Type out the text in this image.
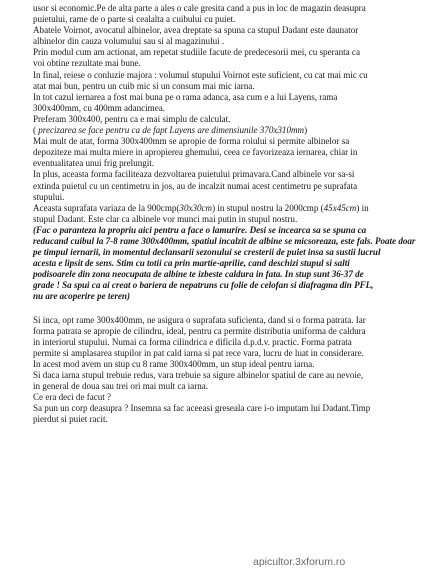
usor si economic.Pe de alta parte a ales o cale gresita cand a pus in loc de magazin deasupra
puietului, rame de o parte si cealalta a cuibului cu puiet.
Abatele Voirnot, avocatul albinelor, avea dreptate sa spuna ca stupul Dadant este daunator
albinelor din cauza volumului sau si al magazinului .
Prin modul cum am actionat, am repetat studiile facute de predecesorii mei, cu speranta ca
voi obtine rezultate mai bune.
In final, reiese o conluzie majora : volumul stupului Voirnot este suficient, cu cat mai mic cu
atat mai bun, pentru un cuib mic si un consum mai mic iarna.
In tot cazul iernarea a fost mai buna pe o rama adanca, asa cum e a lui Layens, rama
300x400mm, cu 400mm adancimea.
Preferam 300x400, pentru ca e mai simplu de calculat.
( precizarea se face pentru ca de fapt Layens are dimensiunile 370x310mm)
Mai mult de atat, forma 300x400mm se apropie de forma roiului si permite albinelor sa
depoziteze mai multa miere in apropierea ghemului, ceea ce favorizeaza iernarea, chiar in
eventualitatea unui frig prelungit.
In plus, aceasta forma faciliteaza dezvoltarea puietului primavara.Cand albinele vor sa-si
extinda puietul cu un centimetru in jos, au de incalzit numai acest centimetru pe suprafata
stupului.
Aceasta suprafata variaza de la 900cmp(30x30cm) in stupul nostru la 2000cmp (45x45cm) in
stupul Dadant. Este clar ca albinele vor munci mai putin in stupul nostru.
(Fac o paranteza la propriu aici pentru a face o lamurire. Desi se incearca sa se spuna ca
reducand cuibul la 7-8 rame 300x400mm, spatiul incalzit de albine se micsoreaza, este fals. Poate doar
pe timpul iernarii, in momentul declansarii sezonului se cresterii de puiet insa sa sustii lucrul
acesta e lipsit de sens. Stim cu totii ca prin martie-aprilie, cand deschizi stupul si salti
podisoarele din zona neocupata de albine te izbeste caldura in fata. In stup sunt 36-37 de
grade ! Sa spui ca ai creat o bariera de nepatruns cu folie de celofan si diafragma din PFL,
nu are acoperire pe teren)
Si inca, opt rame 300x400mm, ne asigura o suprafata suficienta, dand si o forma patrata. Iar
forma patrata se apropie de cilindru, ideal, pentru ca permite distributia uniforma de caldura
in interiorul stupului. Numai ca forma cilindrica e dificila d.p.d.v. practic. Forma patrata
permite si amplasarea stupilor in pat cald iarna si pat rece vara, lucru de luat in considerare.
In acest mod avem un stup cu 8 rame 300x400mm, un stup ideal pentru iarna.
Si daca iarna stupul trebuie redus, vara trebuie sa sigure albinelor spatiul de care au nevoie,
in general de doua sau trei ori mai mult ca iarna.
Ce era deci de facut ?
Sa pun un corp deasupra ? Insemna sa fac aceeasi greseala care i-o imputam lui Dadant.Timp
pierdut si puiet racit.
apicultor.3xforum.ro
